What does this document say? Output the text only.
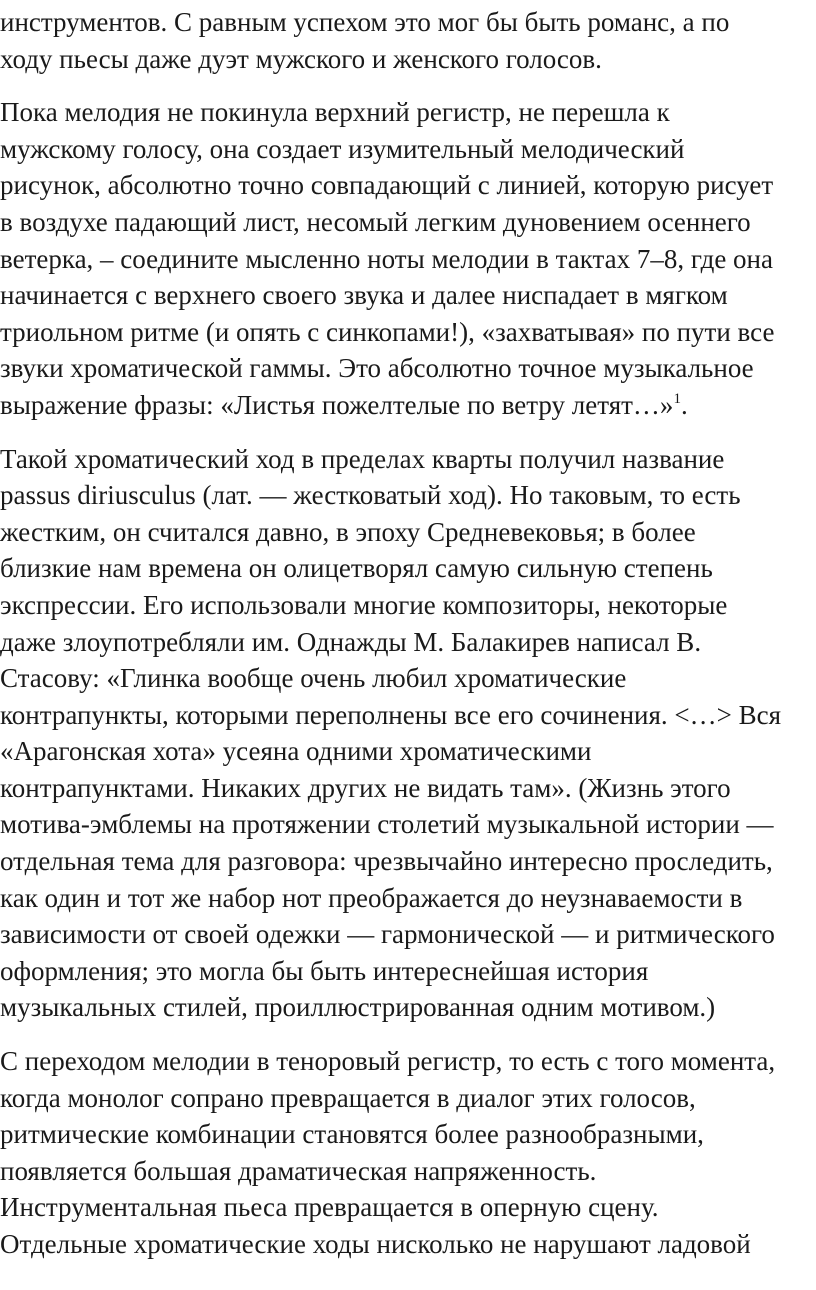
инструментов. С равным успехом это мог бы быть романс, а по
ходу пьесы даже дуэт мужского и женского голосов.

Пока мелодия не покинула верхний регистр, не перешла к
мужскому голосу, она создает изумительный мелодический
рисунок, абсолютно точно совпадающий с линией, которую рисует
в воздухе падающий лист, несомый легким дуновением осеннего
ветерка, – соедините мысленно ноты мелодии в тактах 7–8, где она
начинается с верхнего своего звука и далее ниспадает в мягком
триольном ритме (и опять с синкопами!), «захватывая» по пути все
звуки хроматической гаммы. Это абсолютно точное музыкальное
выражение фразы: «Листья пожелтелые по ветру летят…»$^1$.

Такой хроматический ход в пределах кварты получил название
passus diriusculus (лат. — жестковатый ход). Но таковым, то есть
жестким, он считался давно, в эпоху Средневековья; в более
близкие нам времена он олицетворял самую сильную степень
экспрессии. Его использовали многие композиторы, некоторые
даже злоупотребляли им. Однажды М. Балакирев написал В.
Стасову: «Глинка вообще очень любил хроматические
контрапункты, которыми переполнены все его сочинения. <…> Вся
«Арагонская хота» усеяна одними хроматическими
контрапунктами. Никаких других не видать там». (Жизнь этого
мотива-эмблемы на протяжении столетий музыкальной истории —
отдельная тема для разговора: чрезвычайно интересно проследить,
как один и тот же набор нот преображается до неузнаваемости в
зависимости от своей одежки — гармонической — и ритмического
оформления; это могла бы быть интереснейшая история
музыкальных стилей, проиллюстрированная одним мотивом.)

С переходом мелодии в теноровый регистр, то есть с того момента,
когда монолог сопрано превращается в диалог этих голосов,
ритмические комбинации становятся более разнообразными,
появляется большая драматическая напряженность.
Инструментальная пьеса превращается в оперную сцену.
Отдельные хроматические ходы нисколько не нарушают ладовой
